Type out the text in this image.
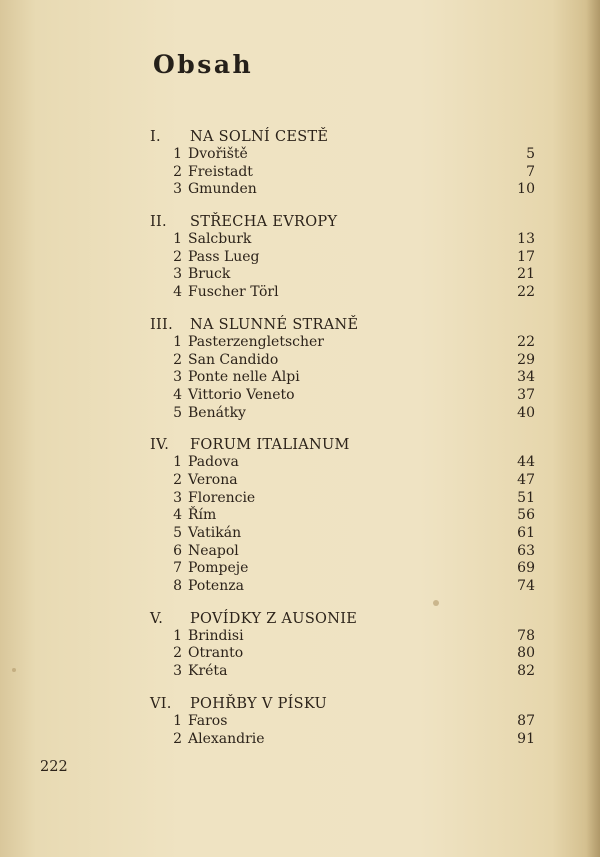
Obsah
I.	NA SOLNÍ CESTĚ
1 Dvořiště	5
2 Freistadt	7
3 Gmunden	10
II.	STŘECHA EVROPY
1 Salcburk	13
2 Pass Lueg	17
3 Bruck	21
4 Fuscher Törl	22
III.	NA SLUNNÉ STRANĚ
1 Pasterzengletscher	22
2 San Candido	29
3 Ponte nelle Alpi	34
4 Vittorio Veneto	37
5 Benátky	40
IV.	FORUM ITALIANUM
1 Padova	44
2 Verona	47
3 Florencie	51
4 Řím	56
5 Vatikán	61
6 Neapol	63
7 Pompeje	69
8 Potenza	74
V.	POVÍDKY Z AUSONIE
1 Brindisi	78
2 Otranto	80
3 Kréta	82
VI.	POHŘBY V PÍSKU
1 Faros	87
2 Alexandrie	91
222
